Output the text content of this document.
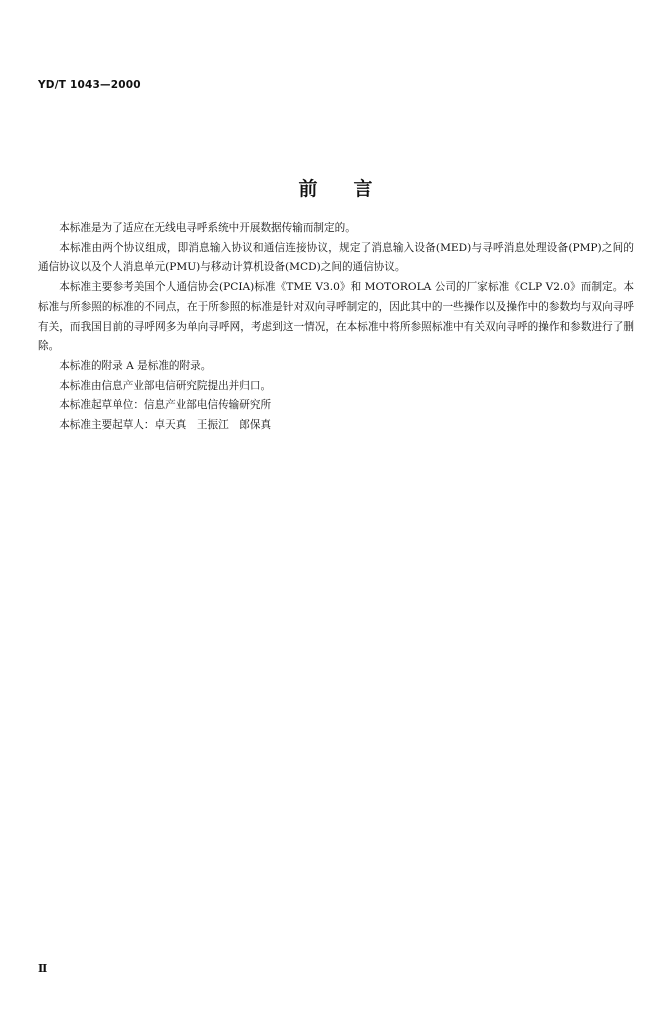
YD/T 1043—2000
前言

本标准是为了适应在无线电寻呼系统中开展数据传输而制定的。

本标准由两个协议组成，即消息输入协议和通信连接协议，规定了消息输入设备(MED)与寻呼消息处理设备(PMP)之间的通信协议以及个人消息单元(PMU)与移动计算机设备(MCD)之间的通信协议。

本标准主要参考美国个人通信协会(PCIA)标准《TME V3.0》和 MOTOROLA 公司的厂家标准《CLP V2.0》而制定。本标准与所参照的标准的不同点，在于所参照的标准是针对双向寻呼制定的，因此其中的一些操作以及操作中的参数均与双向寻呼有关，而我国目前的寻呼网多为单向寻呼网，考虑到这一情况，在本标准中将所参照标准中有关双向寻呼的操作和参数进行了删除。

本标准的附录 A 是标准的附录。

本标准由信息产业部电信研究院提出并归口。

本标准起草单位：信息产业部电信传输研究所

本标准主要起草人：卓天真　王振江　郎保真

Ⅱ
